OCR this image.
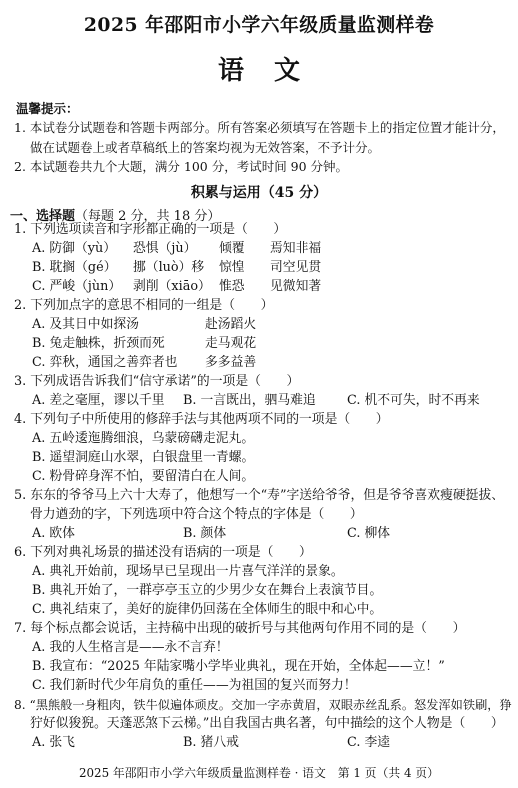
2025 年邵阳市小学六年级质量监测样卷
语文
温馨提示：
1. 本试卷分试题卷和答题卡两部分。所有答案必须填写在答题卡上的指定位置才能计分，
做在试题卷上或者草稿纸上的答案均视为无效答案，不予计分。
2. 本试题卷共九个大题，满分 100 分，考试时间 90 分钟。
积累与运用（45 分）
一、选择题（每题 2 分，共 18 分）
1. 下列选项读音和字形都正确的一项是（　　）
A. 防御（yù） 恐惧（jù） 倾覆 焉知非福
B. 耽搁（gé） 挪（luò）移 惊惶 司空见贯
C. 严峻（jùn） 剥削（xiāo） 惟恐 见微知著
2. 下列加点字的意思不相同的一组是（　　）
A. 及其日中如探汤	赴汤蹈火
B. 兔走触株，折颈而死	走马观花
C. 弈秋，通国之善弈者也 多多益善
3. 下列成语告诉我们“信守承诺”的一项是（　　）
A. 差之毫厘，谬以千里 B. 一言既出，驷马难追 C. 机不可失，时不再来
4. 下列句子中所使用的修辞手法与其他两项不同的一项是（　　）
A. 五岭逶迤腾细浪，乌蒙磅礴走泥丸。
B. 遥望洞庭山水翠，白银盘里一青螺。
C. 粉骨碎身浑不怕，要留清白在人间。
5. 东东的爷爷马上六十大寿了，他想写一个“寿”字送给爷爷，但是爷爷喜欢瘦硬挺拔、
骨力遒劲的字，下列选项中符合这个特点的字体是（　　）
A. 欧体	B. 颜体	C. 柳体
6. 下列对典礼场景的描述没有语病的一项是（　　）
A. 典礼开始前，现场早已呈现出一片喜气洋洋的景象。
B. 典礼开始了，一群亭亭玉立的少男少女在舞台上表演节目。
C. 典礼结束了，美好的旋律仍回荡在全体师生的眼中和心中。
7. 每个标点都会说话，主持稿中出现的破折号与其他两句作用不同的是（　　）
A. 我的人生格言是——永不言弃！
B. 我宣布：“2025 年陆家嘴小学毕业典礼，现在开始，全体起——立！”
C. 我们新时代少年肩负的重任——为祖国的复兴而努力！
8. “黑熊般一身粗肉，铁牛似遍体顽皮。交加一字赤黄眉，双眼赤丝乱系。怒发浑如铁刷，狰
狞好似狻猊。天蓬恶煞下云梯。”出自我国古典名著，句中描绘的这个人物是（　　）
A. 张飞	B. 猪八戒	C. 李逵
2025 年邵阳市小学六年级质量监测样卷 · 语文　第 1 页（共 4 页）
